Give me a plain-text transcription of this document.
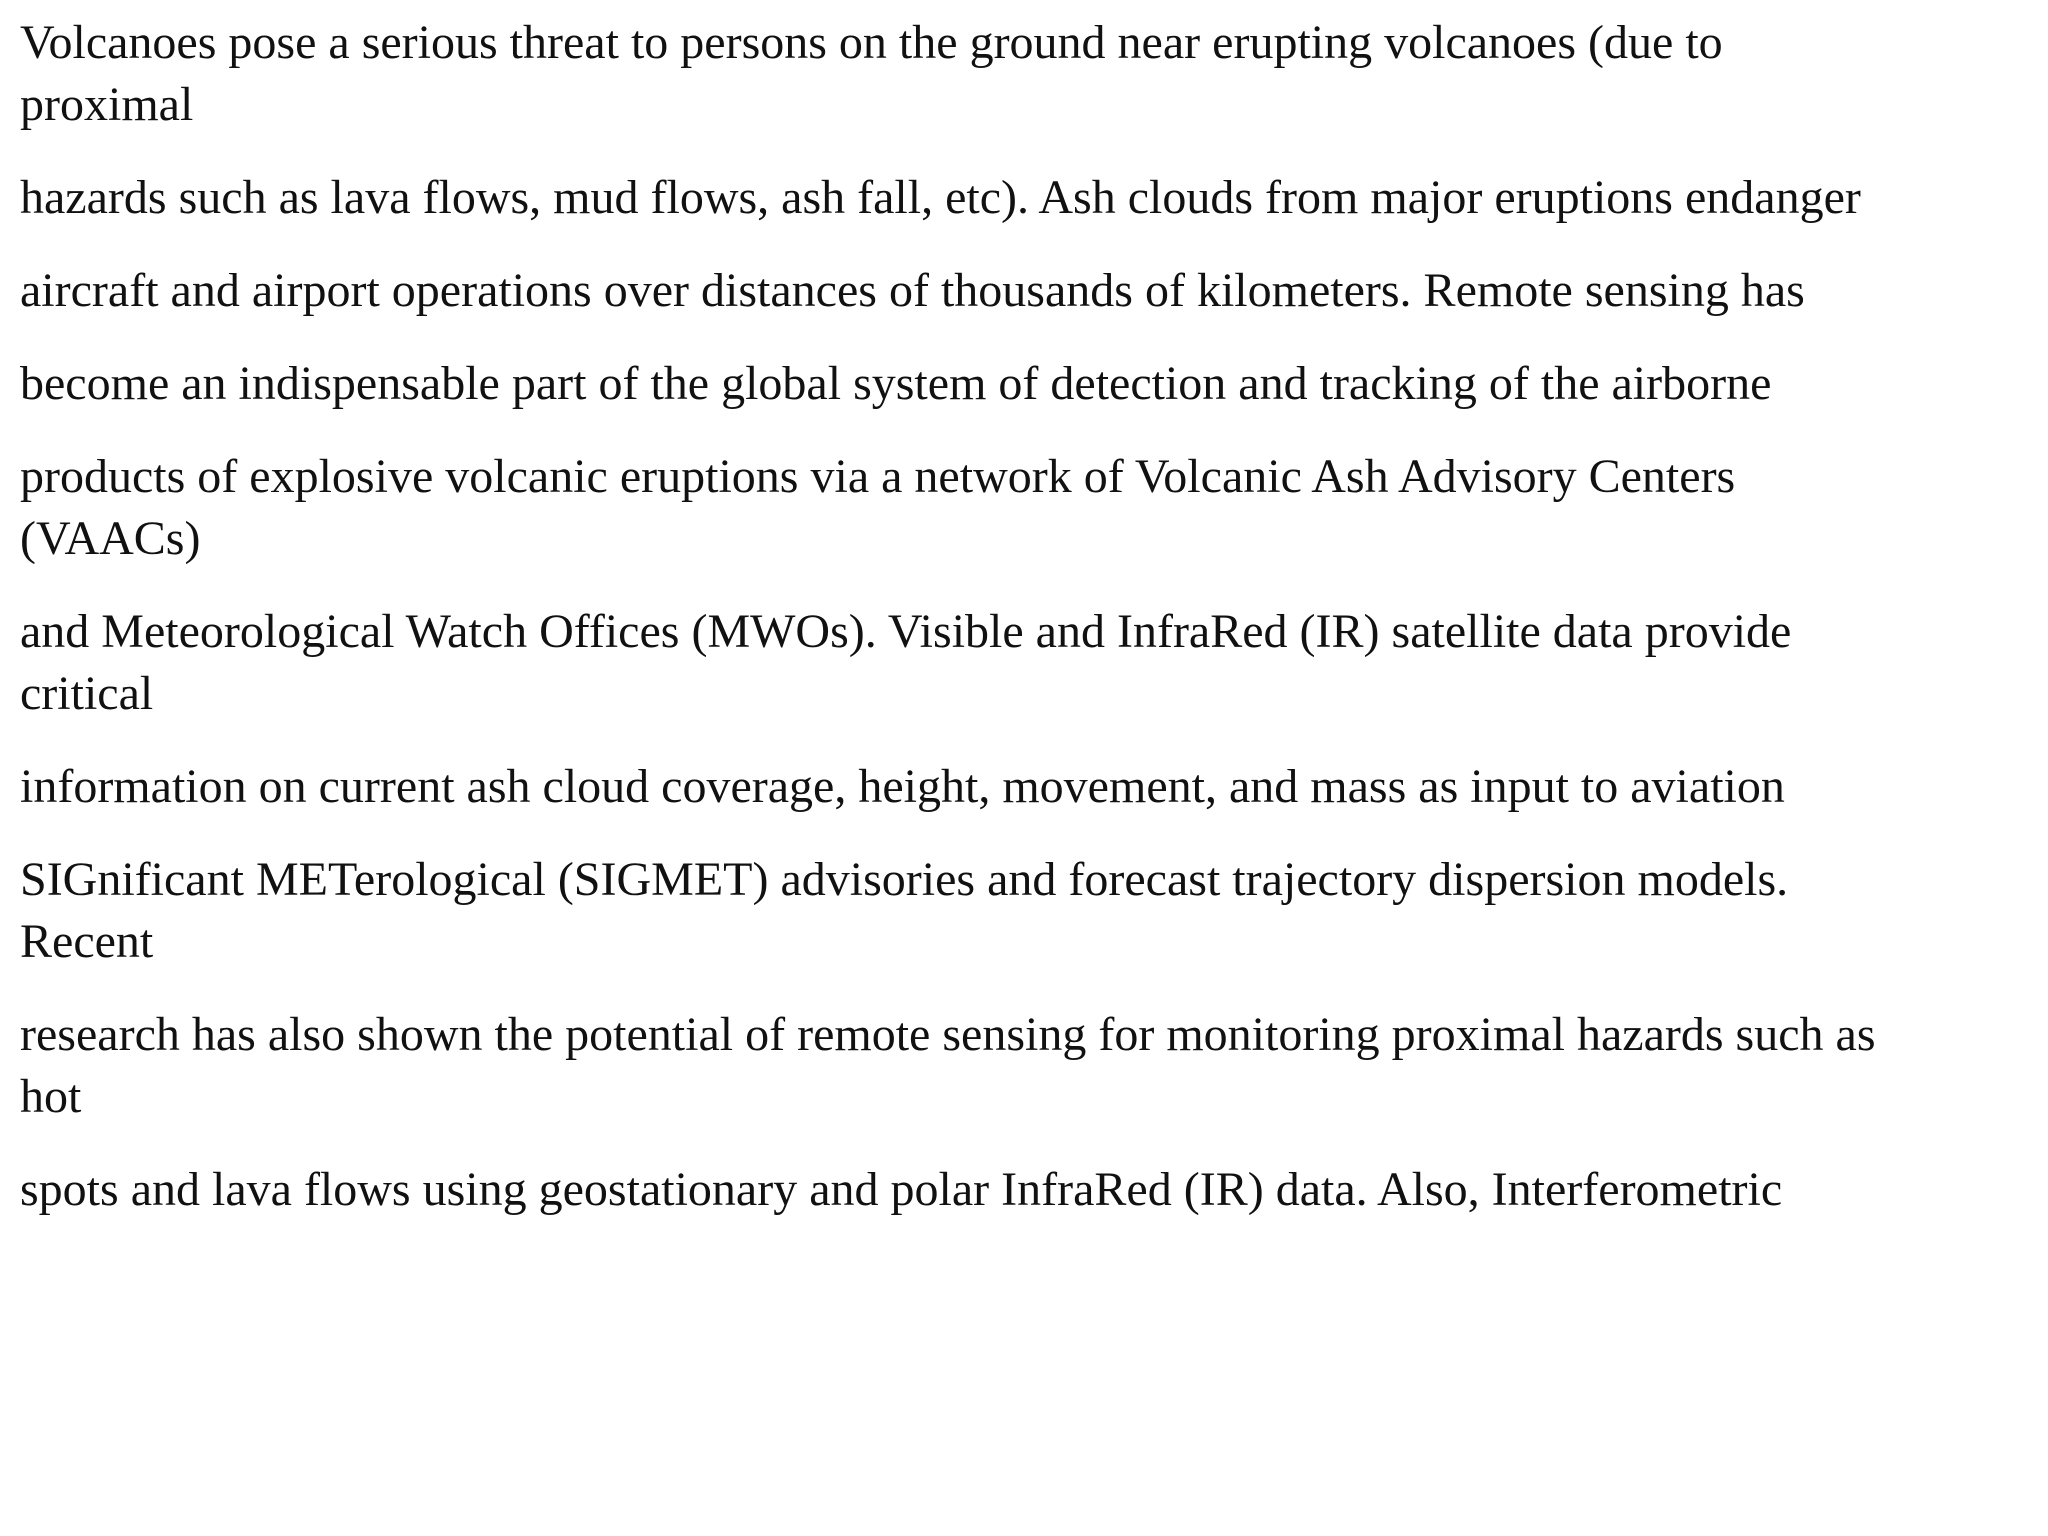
Volcanoes pose a serious threat to persons on the ground near erupting volcanoes (due to
proximal

hazards such as lava flows, mud flows, ash fall, etc). Ash clouds from major eruptions endanger

aircraft and airport operations over distances of thousands of kilometers. Remote sensing has

become an indispensable part of the global system of detection and tracking of the airborne

products of explosive volcanic eruptions via a network of Volcanic Ash Advisory Centers
(VAACs)

and Meteorological Watch Offices (MWOs). Visible and InfraRed (IR) satellite data provide
critical

information on current ash cloud coverage, height, movement, and mass as input to aviation

SIGnificant METerological (SIGMET) advisories and forecast trajectory dispersion models.
Recent

research has also shown the potential of remote sensing for monitoring proximal hazards such as
hot

spots and lava flows using geostationary and polar InfraRed (IR) data. Also, Interferometric
